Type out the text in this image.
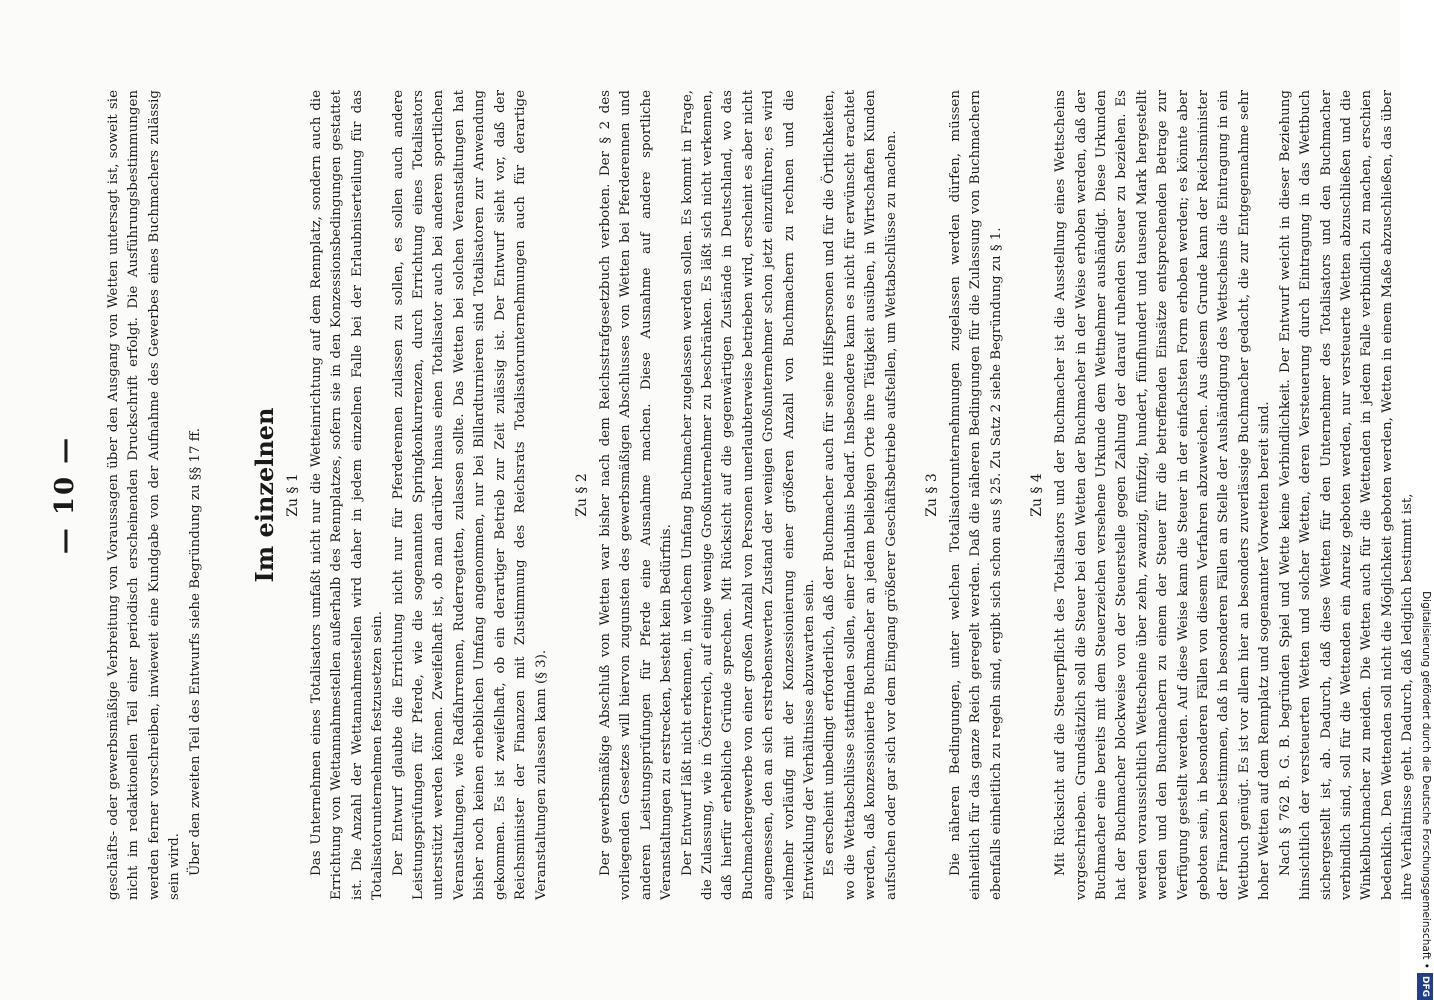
— 10 — geschäfts- oder gewerbsmäßige Verbreitung von Voraussagen über den Ausgang von Wetten untersagt ist, soweit sie nicht im redaktionellen Teil einer periodisch erscheinenden Druckschrift erfolgt. Die Ausführungsbestimmungen werden ferner vorschreiben, inwieweit eine Kundgabe von der Aufnahme des Gewerbes eines Buchmachers zulässig sein wird. Über den zweiten Teil des Entwurfs siehe Begründung zu §§ 17 ff. Im einzelnen Zu § 1 Das Unternehmen eines Totalisators umfaßt nicht nur die Wetteinrichtung auf dem Rennplatz, sondern auch die Errichtung von Wettannahmestellen außerhalb des Rennplatzes, sofern sie in den Konzessionsbedingungen gestattet ist. Die Anzahl der Wettannahmestellen wird daher in jedem einzelnen Falle bei der Erlaubniserteilung für das Totalisatorunternehmen festzusetzen sein. Der Entwurf glaubte die Errichtung nicht nur für Pferderennen zulassen zu sollen, es sollen auch andere Leistungsprüfungen für Pferde, wie die sogenannten Springkonkurrenzen, durch Errichtung eines Totalisators unterstützt werden können. Zweifelhaft ist, ob man darüber hinaus einen Totalisator auch bei anderen sportlichen Veranstaltungen, wie Radfahrrennen, Ruderregatten, zulassen sollte. Das Wetten bei solchen Veranstaltungen hat bisher noch keinen erheblichen Umfang angenommen, nur bei Billardturnieren sind Totalisatoren zur Anwendung gekommen. Es ist zweifelhaft, ob ein derartiger Betrieb zur Zeit zulässig ist. Der Entwurf sieht vor, daß der Reichsminister der Finanzen mit Zustimmung des Reichsrats Totalisatorunternehmungen auch für derartige Veranstaltungen zulassen kann (§ 3).

Zu § 2 Der gewerbsmäßige Abschluß von Wetten war bisher nach dem Reichsstrafgesetzbuch verboten. Der § 2 des vorliegenden Gesetzes will hiervon zugunsten des gewerbsmäßigen Abschlusses von Wetten bei Pferderennen und anderen Leistungsprüfungen für Pferde eine Ausnahme machen. Diese Ausnahme auf andere sportliche Veranstaltungen zu erstrecken, besteht kein Bedürfnis. Der Entwurf läßt nicht erkennen, in welchem Umfang Buchmacher zugelassen werden sollen. Es kommt in Frage, die Zulassung, wie in Österreich, auf einige wenige Großunternehmer zu beschränken. Es läßt sich nicht verkennen, daß hierfür erhebliche Gründe sprechen. Mit Rücksicht auf die gegenwärtigen Zustände in Deutschland, wo das Buchmachergewerbe von einer großen Anzahl von Personen unerlaubterweise betrieben wird, erscheint es aber nicht angemessen, den an sich erstrebenswerten Zustand der wenigen Großunternehmer schon jetzt einzuführen; es wird vielmehr vorläufig mit der Konzessionierung einer größeren Anzahl von Buchmachern zu rechnen und die Entwicklung der Verhältnisse abzuwarten sein. Es erscheint unbedingt erforderlich, daß der Buchmacher auch für seine Hilfspersonen und für die Örtlichkeiten, wo die Wettabschlüsse stattfinden sollen, einer Erlaubnis bedarf. Insbesondere kann es nicht für erwünscht erachtet werden, daß konzessionierte Buchmacher an jedem beliebigen Orte ihre Tätigkeit ausüben, in Wirtschaften Kunden aufsuchen oder gar sich vor dem Eingang größerer Geschäftsbetriebe aufstellen, um Wettabschlüsse zu machen. Zu § 3 Die näheren Bedingungen, unter welchen Totalisatorunternehmungen zugelassen werden dürfen, müssen einheitlich für das ganze Reich geregelt werden. Daß die näheren Bedingungen für die Zulassung von Buchmachern ebenfalls einheitlich zu regeln sind, ergibt sich schon aus § 25. Zu Satz 2 siehe Begründung zu § 1. Zu § 4 Mit Rücksicht auf die Steuerpflicht des Totalisators und der Buchmacher ist die Ausstellung eines Wettscheins vorgeschrieben. Grundsätzlich soll die Steuer bei den Wetten der Buchmacher in der Weise erhoben werden, daß der Buchmacher eine bereits mit dem Steuerzeichen versehene Urkunde dem Wettnehmer aushändigt. Diese Urkunden hat der Buchmacher blockweise von der Steuerstelle gegen Zahlung der darauf ruhenden Steuer zu beziehen. Es werden voraussichtlich Wettscheine über zehn, zwanzig, fünfzig, hundert, fünfhundert und tausend Mark hergestellt werden und den Buchmachern zu einem der Steuer für die betreffenden Einsätze entsprechenden Betrage zur Verfügung gestellt werden. Auf diese Weise kann die Steuer in der einfachsten Form erhoben werden; es könnte aber geboten sein, in besonderen Fällen von diesem Verfahren abzuweichen. Aus diesem Grunde kann der Reichsminister der Finanzen bestimmen, daß in besonderen Fällen an Stelle der Aushändigung des Wettscheins die Eintragung in ein Wettbuch genügt. Es ist vor allem hier an besonders zuverlässige Buchmacher gedacht, die zur Entgegennahme sehr hoher Wetten auf dem Rennplatz und sogenannter Vorwetten bereit sind. Nach § 762 B. G. B. begründen Spiel und Wette keine Verbindlichkeit. Der Entwurf weicht in dieser Beziehung hinsichtlich der versteuerten Wetten und solcher Wetten, deren Versteuerung durch Eintragung in das Wettbuch sichergestellt ist, ab. Dadurch, daß diese Wetten für den Unternehmer des Totalisators und den Buchmacher verbindlich sind, soll für die Wettenden ein Anreiz geboten werden, nur versteuerte Wetten abzuschließen und die Winkelbuchmacher zu meiden. Die Wetten auch für die Wettenden in jedem Falle verbindlich zu machen, erschien bedenklich. Den Wettenden soll nicht die Möglichkeit geboten werden, Wetten in einem Maße abzuschließen, das über ihre Verhältnisse geht. Dadurch, daß lediglich bestimmt ist, Digitalisierung gefördert durch die Deutsche Forschungsgemeinschaft •DFG
